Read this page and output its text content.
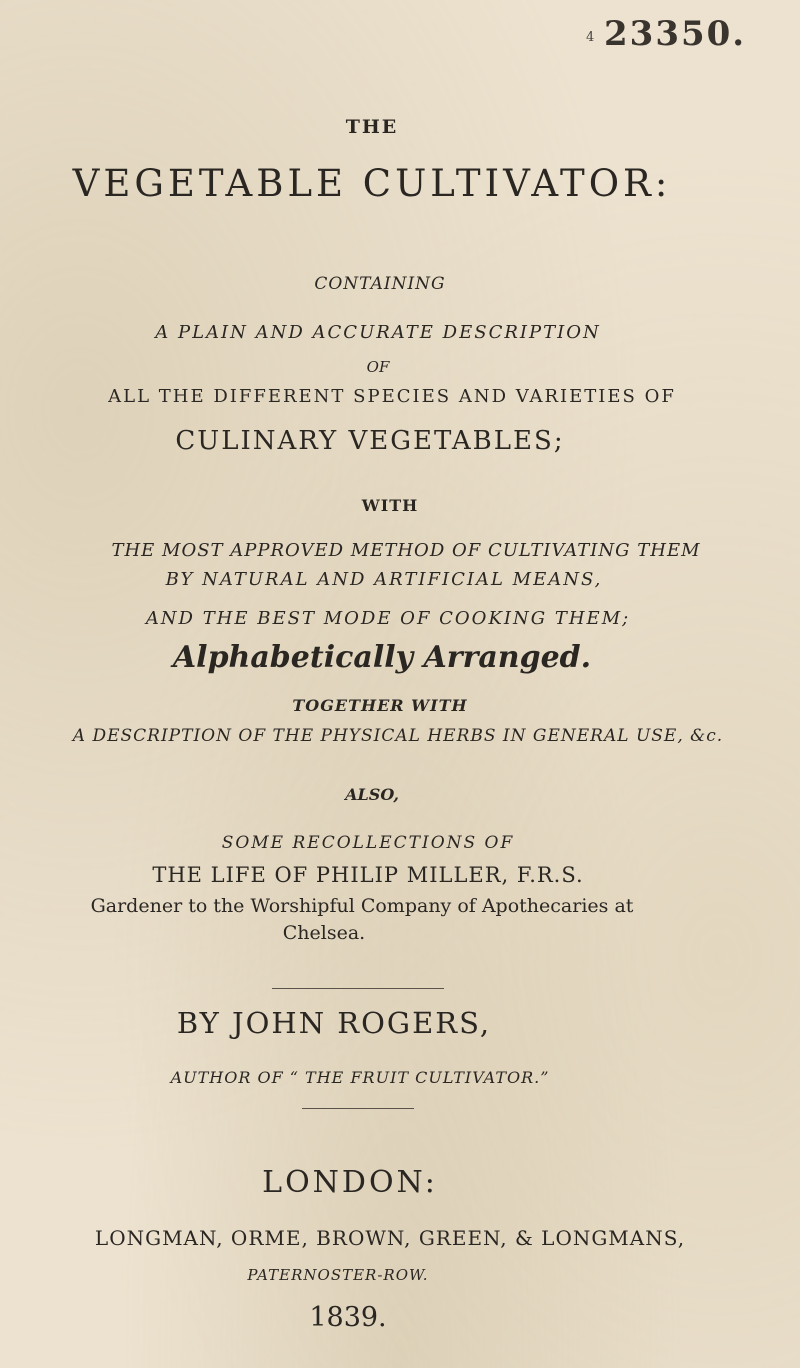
4 23350.
THE
VEGETABLE CULTIVATOR:
CONTAINING
A PLAIN AND ACCURATE DESCRIPTION
OF
ALL THE DIFFERENT SPECIES AND VARIETIES OF
CULINARY VEGETABLES;
WITH
THE MOST APPROVED METHOD OF CULTIVATING THEM
BY NATURAL AND ARTIFICIAL MEANS,
AND THE BEST MODE OF COOKING THEM;
Alphabetically Arranged.
TOGETHER WITH
A DESCRIPTION OF THE PHYSICAL HERBS IN GENERAL USE, &c.
ALSO,
SOME RECOLLECTIONS OF
THE LIFE OF PHILIP MILLER, F.R.S.
Gardener to the Worshipful Company of Apothecaries at
Chelsea.
BY JOHN ROGERS,
AUTHOR OF “ THE FRUIT CULTIVATOR.”
LONDON:
LONGMAN, ORME, BROWN, GREEN, & LONGMANS,
PATERNOSTER-ROW.
1839.
